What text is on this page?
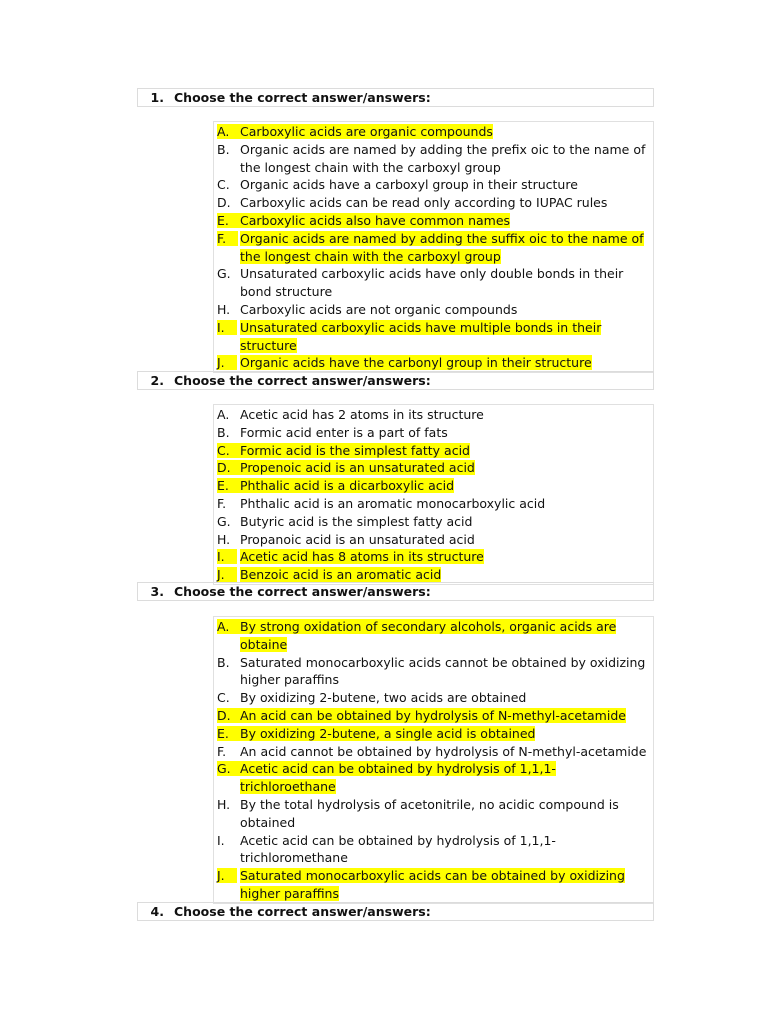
1. Choose the correct answer/answers:
A. Carboxylic acids are organic compounds
B. Organic acids are named by adding the prefix oic to the name of
the longest chain with the carboxyl group
C. Organic acids have a carboxyl group in their structure
D. Carboxylic acids can be read only according to IUPAC rules
E. Carboxylic acids also have common names
F.	Organic acids are named by adding the suffix oic to the name of
the longest chain with the carboxyl group
G. Unsaturated carboxylic acids have only double bonds in their
bond structure
H. Carboxylic acids are not organic compounds
I.	Unsaturated carboxylic acids have multiple bonds in their
structure
J.	Organic acids have the carbonyl group in their structure
2. Choose the correct answer/answers:
A. Acetic acid has 2 atoms in its structure
B. Formic acid enter is a part of fats
C. Formic acid is the simplest fatty acid
D. Propenoic acid is an unsaturated acid
E. Phthalic acid is a dicarboxylic acid
F.	Phthalic acid is an aromatic monocarboxylic acid
G. Butyric acid is the simplest fatty acid
H. Propanoic acid is an unsaturated acid
I.	Acetic acid has 8 atoms in its structure
J.	Benzoic acid is an aromatic acid
3. Choose the correct answer/answers:
A. By strong oxidation of secondary alcohols, organic acids are
obtaine
B. Saturated monocarboxylic acids cannot be obtained by oxidizing
higher paraffins
C. By oxidizing 2-butene, two acids are obtained
D. An acid can be obtained by hydrolysis of N-methyl-acetamide
E. By oxidizing 2-butene, a single acid is obtained
F.	An acid cannot be obtained by hydrolysis of N-methyl-acetamide
G. Acetic acid can be obtained by hydrolysis of 1,1,1-
trichloroethane
H. By the total hydrolysis of acetonitrile, no acidic compound is
obtained
I.	Acetic acid can be obtained by hydrolysis of 1,1,1-
trichloromethane
J.	Saturated monocarboxylic acids can be obtained by oxidizing
higher paraffins
4. Choose the correct answer/answers:
